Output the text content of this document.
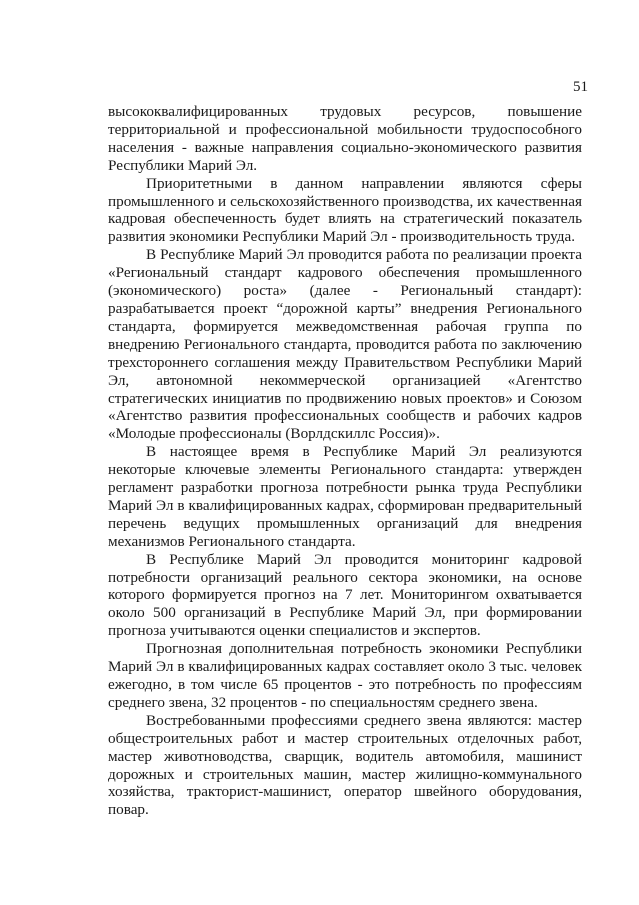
51

высококвалифицированных трудовых ресурсов, повышение территориальной и профессиональной мобильности трудоспособного населения - важные направления социально-экономического развития Республики Марий Эл.

Приоритетными в данном направлении являются сферы промышленного и сельскохозяйственного производства, их качественная кадровая обеспеченность будет влиять на стратегический показатель развития экономики Республики Марий Эл - производительность труда.

В Республике Марий Эл проводится работа по реализации проекта «Региональный стандарт кадрового обеспечения промышленного (экономического) роста» (далее - Региональный стандарт): разрабатывается проект “дорожной карты” внедрения Регионального стандарта, формируется межведомственная рабочая группа по внедрению Регионального стандарта, проводится работа по заключению трехстороннего соглашения между Правительством Республики Марий Эл, автономной некоммерческой организацией «Агентство стратегических инициатив по продвижению новых проектов» и Союзом «Агентство развития профессиональных сообществ и рабочих кадров «Молодые профессионалы (Ворлдскиллс Россия)».

В настоящее время в Республике Марий Эл реализуются некоторые ключевые элементы Регионального стандарта: утвержден регламент разработки прогноза потребности рынка труда Республики Марий Эл в квалифицированных кадрах, сформирован предварительный перечень ведущих промышленных организаций для внедрения механизмов Регионального стандарта.

В Республике Марий Эл проводится мониторинг кадровой потребности организаций реального сектора экономики, на основе которого формируется прогноз на 7 лет. Мониторингом охватывается около 500 организаций в Республике Марий Эл, при формировании прогноза учитываются оценки специалистов и экспертов.

Прогнозная дополнительная потребность экономики Республики Марий Эл в квалифицированных кадрах составляет около 3 тыс. человек ежегодно, в том числе 65 процентов - это потребность по профессиям среднего звена, 32 процентов - по специальностям среднего звена.

Востребованными профессиями среднего звена являются: мастер общестроительных работ и мастер строительных отделочных работ, мастер животноводства, сварщик, водитель автомобиля, машинист дорожных и строительных машин, мастер жилищно-коммунального хозяйства, тракторист-машинист, оператор швейного оборудования, повар.
